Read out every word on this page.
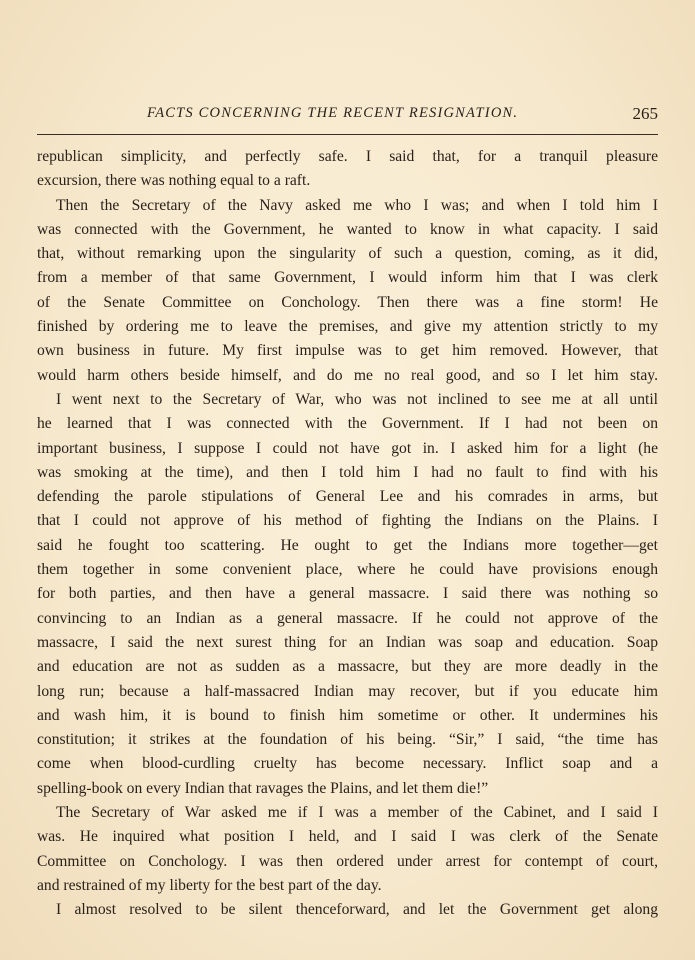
FACTS CONCERNING THE RECENT RESIGNATION.	265
republican simplicity, and perfectly safe. I said that, for a tranquil pleasure
excursion, there was nothing equal to a raft.
Then the Secretary of the Navy asked me who I was; and when I told him I
was connected with the Government, he wanted to know in what capacity. I said
that, without remarking upon the singularity of such a question, coming, as it did,
from a member of that same Government, I would inform him that I was clerk
of the Senate Committee on Conchology. Then there was a fine storm! He
finished by ordering me to leave the premises, and give my attention strictly to my
own business in future. My first impulse was to get him removed. However, that
would harm others beside himself, and do me no real good, and so I let him stay.
I went next to the Secretary of War, who was not inclined to see me at all until
he learned that I was connected with the Government. If I had not been on
important business, I suppose I could not have got in. I asked him for a light (he
was smoking at the time), and then I told him I had no fault to find with his
defending the parole stipulations of General Lee and his comrades in arms, but
that I could not approve of his method of fighting the Indians on the Plains. I
said he fought too scattering. He ought to get the Indians more together—get
them together in some convenient place, where he could have provisions enough
for both parties, and then have a general massacre. I said there was nothing so
convincing to an Indian as a general massacre. If he could not approve of the
massacre, I said the next surest thing for an Indian was soap and education. Soap
and education are not as sudden as a massacre, but they are more deadly in the
long run; because a half-massacred Indian may recover, but if you educate him
and wash him, it is bound to finish him sometime or other. It undermines his
constitution; it strikes at the foundation of his being. “Sir,” I said, “the time has
come when blood-curdling cruelty has become necessary. Inflict soap and a
spelling-book on every Indian that ravages the Plains, and let them die!”
The Secretary of War asked me if I was a member of the Cabinet, and I said I
was. He inquired what position I held, and I said I was clerk of the Senate
Committee on Conchology. I was then ordered under arrest for contempt of court,
and restrained of my liberty for the best part of the day.
I almost resolved to be silent thenceforward, and let the Government get along
